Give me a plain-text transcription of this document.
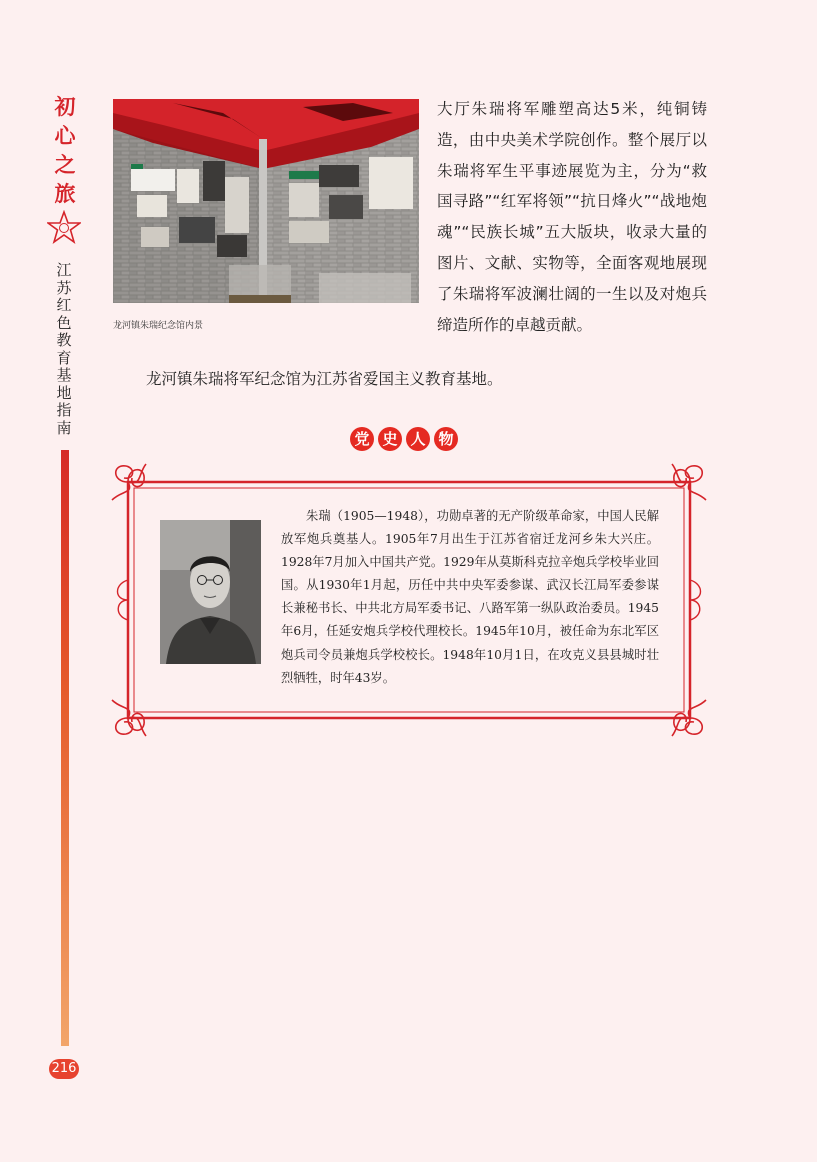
初
心
之
旅
江
苏
红
色
教
育
基
地
指
南
216
龙河镇朱瑞纪念馆内景
大厅朱瑞将军雕塑高达5米，纯铜铸造，由中央美术学院创作。整个展厅以朱瑞将军生平事迹展览为主，分为“救国寻路”“红军将领”“抗日烽火”“战地炮魂”“民族长城”五大版块，收录大量的图片、文献、实物等，全面客观地展现了朱瑞将军波澜壮阔的一生以及对炮兵缔造所作的卓越贡献。
龙河镇朱瑞将军纪念馆为江苏省爱国主义教育基地。
党 史 人 物
朱瑞（1905—1948），功勋卓著的无产阶级革命家，中国人民解放军炮兵奠基人。1905年7月出生于江苏省宿迁龙河乡朱大兴庄。1928年7月加入中国共产党。1929年从莫斯科克拉辛炮兵学校毕业回国。从1930年1月起，历任中共中央军委参谋、武汉长江局军委参谋长兼秘书长、中共北方局军委书记、八路军第一纵队政治委员。1945年6月，任延安炮兵学校代理校长。1945年10月，被任命为东北军区炮兵司令员兼炮兵学校校长。1948年10月1日，在攻克义县县城时壮烈牺牲，时年43岁。
